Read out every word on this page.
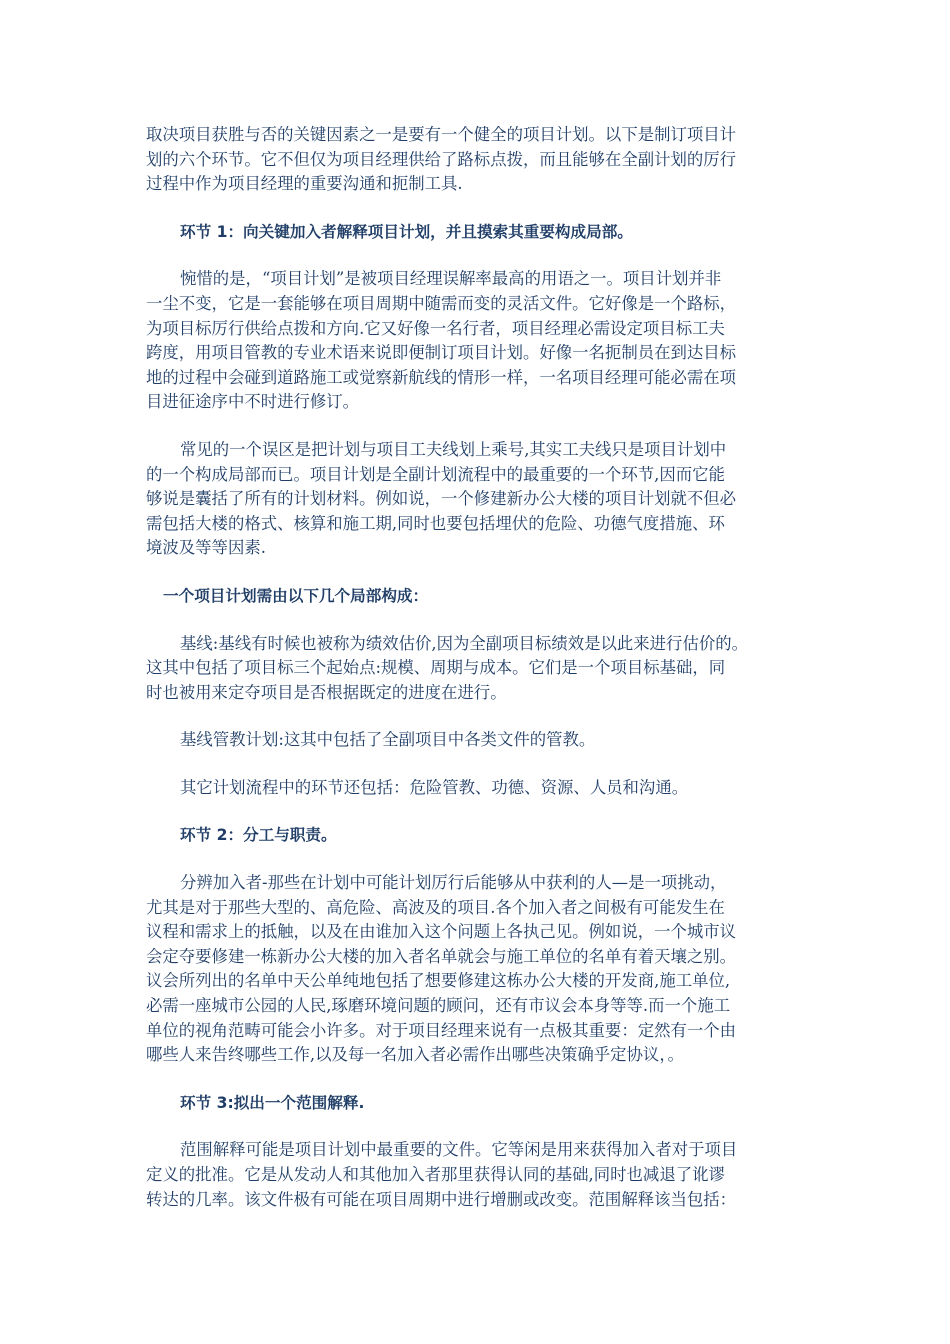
取决项目获胜与否的关键因素之一是要有一个健全的项目计划。以下是制订项目计
划的六个环节。它不但仅为项目经理供给了路标点拨，而且能够在全副计划的厉行
过程中作为项目经理的重要沟通和扼制工具.
环节 1：向关键加入者解释项目计划，并且摸索其重要构成局部。
惋惜的是，“项目计划”是被项目经理误解率最高的用语之一。项目计划并非
一尘不变，它是一套能够在项目周期中随需而变的灵活文件。它好像是一个路标，
为项目标厉行供给点拨和方向.它又好像一名行者，项目经理必需设定项目标工夫
跨度，用项目管教的专业术语来说即便制订项目计划。好像一名扼制员在到达目标
地的过程中会碰到道路施工或觉察新航线的情形一样，一名项目经理可能必需在项
目进征途序中不时进行修订。
常见的一个误区是把计划与项目工夫线划上乘号,其实工夫线只是项目计划中
的一个构成局部而已。项目计划是全副计划流程中的最重要的一个环节,因而它能
够说是囊括了所有的计划材料。例如说，一个修建新办公大楼的项目计划就不但必
需包括大楼的格式、核算和施工期,同时也要包括埋伏的危险、功德气度措施、环
境波及等等因素.
一个项目计划需由以下几个局部构成：
基线:基线有时候也被称为绩效估价,因为全副项目标绩效是以此来进行估价的。
这其中包括了项目标三个起始点:规模、周期与成本。它们是一个项目标基础，同
时也被用来定夺项目是否根据既定的进度在进行。
基线管教计划:这其中包括了全副项目中各类文件的管教。
其它计划流程中的环节还包括：危险管教、功德、资源、人员和沟通。
环节 2：分工与职责。
分辨加入者-那些在计划中可能计划厉行后能够从中获利的人—是一项挑动，
尤其是对于那些大型的、高危险、高波及的项目.各个加入者之间极有可能发生在
议程和需求上的抵触，以及在由谁加入这个问题上各执己见。例如说，一个城市议
会定夺要修建一栋新办公大楼的加入者名单就会与施工单位的名单有着天壤之别。
议会所列出的名单中天公单纯地包括了想要修建这栋办公大楼的开发商,施工单位,
必需一座城市公园的人民,琢磨环境问题的顾问，还有市议会本身等等.而一个施工
单位的视角范畴可能会小许多。对于项目经理来说有一点极其重要：定然有一个由
哪些人来告终哪些工作,以及每一名加入者必需作出哪些决策确乎定协议，。
环节 3:拟出一个范围解释.
范围解释可能是项目计划中最重要的文件。它等闲是用来获得加入者对于项目
定义的批准。它是从发动人和其他加入者那里获得认同的基础,同时也减退了讹谬
转达的几率。该文件极有可能在项目周期中进行增删或改变。范围解释该当包括：
